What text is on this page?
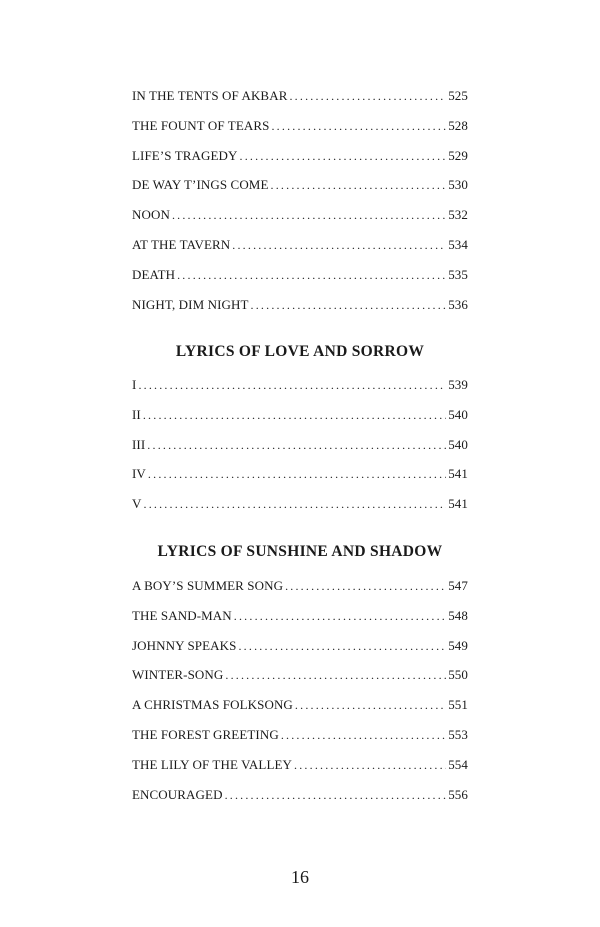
IN THE TENTS OF AKBAR .....	525
THE FOUNT OF TEARS .....	528
LIFE’S TRAGEDY .....	529
DE WAY T’INGS COME .....	530
NOON .....	532
AT THE TAVERN .....	534
DEATH .....	535
NIGHT, DIM NIGHT .....	536
LYRICS OF LOVE AND SORROW
I .....	539
II .....	540
III .....	540
IV .....	541
V .....	541
LYRICS OF SUNSHINE AND SHADOW
A BOY’S SUMMER SONG .....	547
THE SAND-MAN .....	548
JOHNNY SPEAKS .....	549
WINTER-SONG .....	550
A CHRISTMAS FOLKSONG .....	551
THE FOREST GREETING .....	553
THE LILY OF THE VALLEY .....	554
ENCOURAGED .....	556
16
